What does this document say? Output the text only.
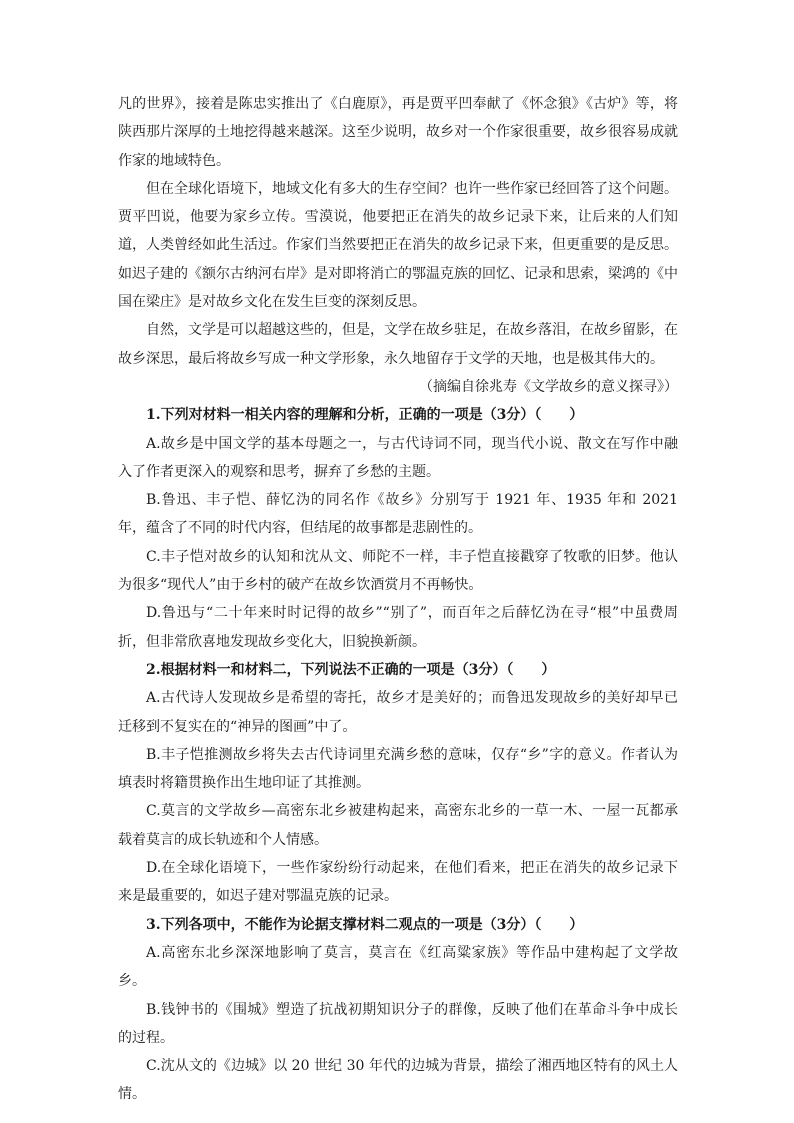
凡的世界》，接着是陈忠实推出了《白鹿原》，再是贾平凹奉献了《怀念狼》《古炉》等，将陕西那片深厚的土地挖得越来越深。这至少说明，故乡对一个作家很重要，故乡很容易成就作家的地域特色。

但在全球化语境下，地域文化有多大的生存空间？也许一些作家已经回答了这个问题。贾平凹说，他要为家乡立传。雪漠说，他要把正在消失的故乡记录下来，让后来的人们知道，人类曾经如此生活过。作家们当然要把正在消失的故乡记录下来，但更重要的是反思。如迟子建的《额尔古纳河右岸》是对即将消亡的鄂温克族的回忆、记录和思索，梁鸿的《中国在梁庄》是对故乡文化在发生巨变的深刻反思。

自然，文学是可以超越这些的，但是，文学在故乡驻足，在故乡落泪，在故乡留影，在故乡深思，最后将故乡写成一种文学形象，永久地留存于文学的天地，也是极其伟大的。

（摘编自徐兆寿《文学故乡的意义探寻》）

1.下列对材料一相关内容的理解和分析，正确的一项是（3分）（　　）

A.故乡是中国文学的基本母题之一，与古代诗词不同，现当代小说、散文在写作中融入了作者更深入的观察和思考，摒弃了乡愁的主题。

B.鲁迅、丰子恺、薛忆沩的同名作《故乡》分别写于 1921 年、1935 年和 2021 年，蕴含了不同的时代内容，但结尾的故事都是悲剧性的。

C.丰子恺对故乡的认知和沈从文、师陀不一样，丰子恺直接戳穿了牧歌的旧梦。他认为很多“现代人”由于乡村的破产在故乡饮酒赏月不再畅快。

D.鲁迅与“二十年来时时记得的故乡”“别了”，而百年之后薛忆沩在寻“根”中虽费周折，但非常欣喜地发现故乡变化大，旧貌换新颜。

2.根据材料一和材料二，下列说法不正确的一项是（3分）（　　）

A.古代诗人发现故乡是希望的寄托，故乡才是美好的；而鲁迅发现故乡的美好却早已迁移到不复实在的“神异的图画”中了。

B.丰子恺推测故乡将失去古代诗词里充满乡愁的意味，仅存“乡”字的意义。作者认为填表时将籍贯换作出生地印证了其推测。

C.莫言的文学故乡—高密东北乡被建构起来，高密东北乡的一草一木、一屋一瓦都承载着莫言的成长轨迹和个人情感。

D.在全球化语境下，一些作家纷纷行动起来，在他们看来，把正在消失的故乡记录下来是最重要的，如迟子建对鄂温克族的记录。

3.下列各项中，不能作为论据支撑材料二观点的一项是（3分）（　　）

A.高密东北乡深深地影响了莫言，莫言在《红高粱家族》等作品中建构起了文学故乡。

B.钱钟书的《围城》塑造了抗战初期知识分子的群像，反映了他们在革命斗争中成长的过程。

C.沈从文的《边城》以 20 世纪 30 年代的边城为背景，描绘了湘西地区特有的风土人情。
